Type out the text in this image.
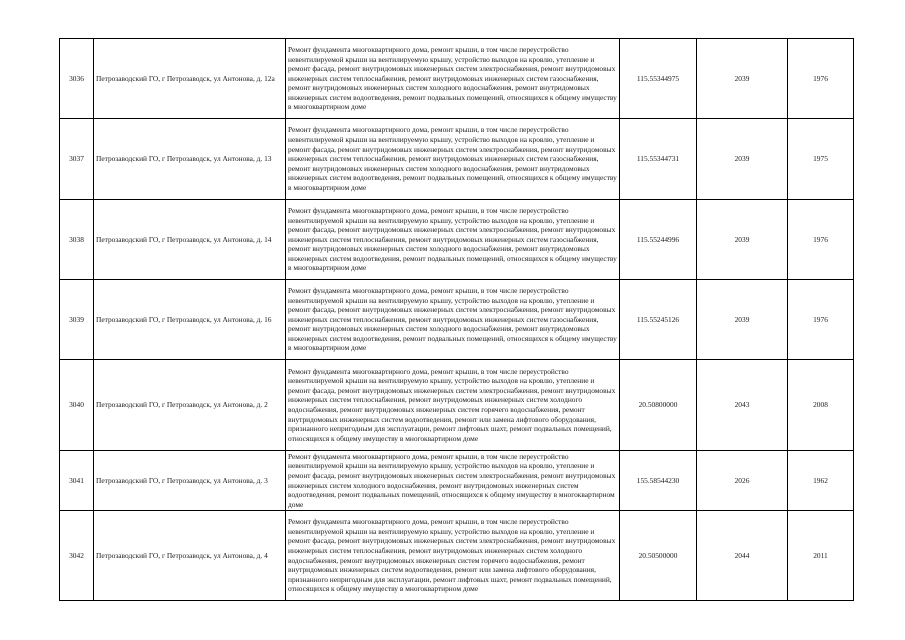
3036	Петрозаводский ГО, г Петрозаводск, ул Антонова, д. 12а	Ремонт фундамента многоквартирного дома, ремонт крыши, в том числе переустройство невентилируемой крыши на вентилируемую крышу, устройство выходов на кровлю, утепление и ремонт фасада, ремонт внутридомовых инженерных систем электроснабжения, ремонт внутридомовых инженерных систем теплоснабжения, ремонт внутридомовых инженерных систем газоснабжения, ремонт внутридомовых инженерных систем холодного водоснабжения, ремонт внутридомовых инженерных систем водоотведения, ремонт подвальных помещений, относящихся к общему имуществу в многоквартирном доме	115.55344975	2039	1976
3037	Петрозаводский ГО, г Петрозаводск, ул Антонова, д. 13	Ремонт фундамента многоквартирного дома, ремонт крыши, в том числе переустройство невентилируемой крыши на вентилируемую крышу, устройство выходов на кровлю, утепление и ремонт фасада, ремонт внутридомовых инженерных систем электроснабжения, ремонт внутридомовых инженерных систем теплоснабжения, ремонт внутридомовых инженерных систем газоснабжения, ремонт внутридомовых инженерных систем холодного водоснабжения, ремонт внутридомовых инженерных систем водоотведения, ремонт подвальных помещений, относящихся к общему имуществу в многоквартирном доме	115.55344731	2039	1975
3038	Петрозаводский ГО, г Петрозаводск, ул Антонова, д. 14	Ремонт фундамента многоквартирного дома, ремонт крыши, в том числе переустройство невентилируемой крыши на вентилируемую крышу, устройство выходов на кровлю, утепление и ремонт фасада, ремонт внутридомовых инженерных систем электроснабжения, ремонт внутридомовых инженерных систем теплоснабжения, ремонт внутридомовых инженерных систем газоснабжения, ремонт внутридомовых инженерных систем холодного водоснабжения, ремонт внутридомовых инженерных систем водоотведения, ремонт подвальных помещений, относящихся к общему имуществу в многоквартирном доме	115.55244996	2039	1976
3039	Петрозаводский ГО, г Петрозаводск, ул Антонова, д. 16	Ремонт фундамента многоквартирного дома, ремонт крыши, в том числе переустройство невентилируемой крыши на вентилируемую крышу, устройство выходов на кровлю, утепление и ремонт фасада, ремонт внутридомовых инженерных систем электроснабжения, ремонт внутридомовых инженерных систем теплоснабжения, ремонт внутридомовых инженерных систем газоснабжения, ремонт внутридомовых инженерных систем холодного водоснабжения, ремонт внутридомовых инженерных систем водоотведения, ремонт подвальных помещений, относящихся к общему имуществу в многоквартирном доме	115.55245126	2039	1976
3040	Петрозаводский ГО, г Петрозаводск, ул Антонова, д. 2	Ремонт фундамента многоквартирного дома, ремонт крыши, в том числе переустройство невентилируемой крыши на вентилируемую крышу, устройство выходов на кровлю, утепление и ремонт фасада, ремонт внутридомовых инженерных систем электроснабжения, ремонт внутридомовых инженерных систем теплоснабжения, ремонт внутридомовых инженерных систем холодного водоснабжения, ремонт внутридомовых инженерных систем горячего водоснабжения, ремонт внутридомовых инженерных систем водоотведения, ремонт или замена лифтового оборудования, признанного непригодным для эксплуатации, ремонт лифтовых шахт, ремонт подвальных помещений, относящихся к общему имуществу в многоквартирном доме	20.50800000	2043	2008
3041	Петрозаводский ГО, г Петрозаводск, ул Антонова, д. 3	Ремонт фундамента многоквартирного дома, ремонт крыши, в том числе переустройство невентилируемой крыши на вентилируемую крышу, устройство выходов на кровлю, утепление и ремонт фасада, ремонт внутридомовых инженерных систем электроснабжения, ремонт внутридомовых инженерных систем холодного водоснабжения, ремонт внутридомовых инженерных систем водоотведения, ремонт подвальных помещений, относящихся к общему имуществу в многоквартирном доме	155.58544230	2026	1962
3042	Петрозаводский ГО, г Петрозаводск, ул Антонова, д. 4	Ремонт фундамента многоквартирного дома, ремонт крыши, в том числе переустройство невентилируемой крыши на вентилируемую крышу, устройство выходов на кровлю, утепление и ремонт фасада, ремонт внутридомовых инженерных систем электроснабжения, ремонт внутридомовых инженерных систем теплоснабжения, ремонт внутридомовых инженерных систем холодного водоснабжения, ремонт внутридомовых инженерных систем горячего водоснабжения, ремонт внутридомовых инженерных систем водоотведения, ремонт или замена лифтового оборудования, признанного непригодным для эксплуатации, ремонт лифтовых шахт, ремонт подвальных помещений, относящихся к общему имуществу в многоквартирном доме	20.50500000	2044	2011
